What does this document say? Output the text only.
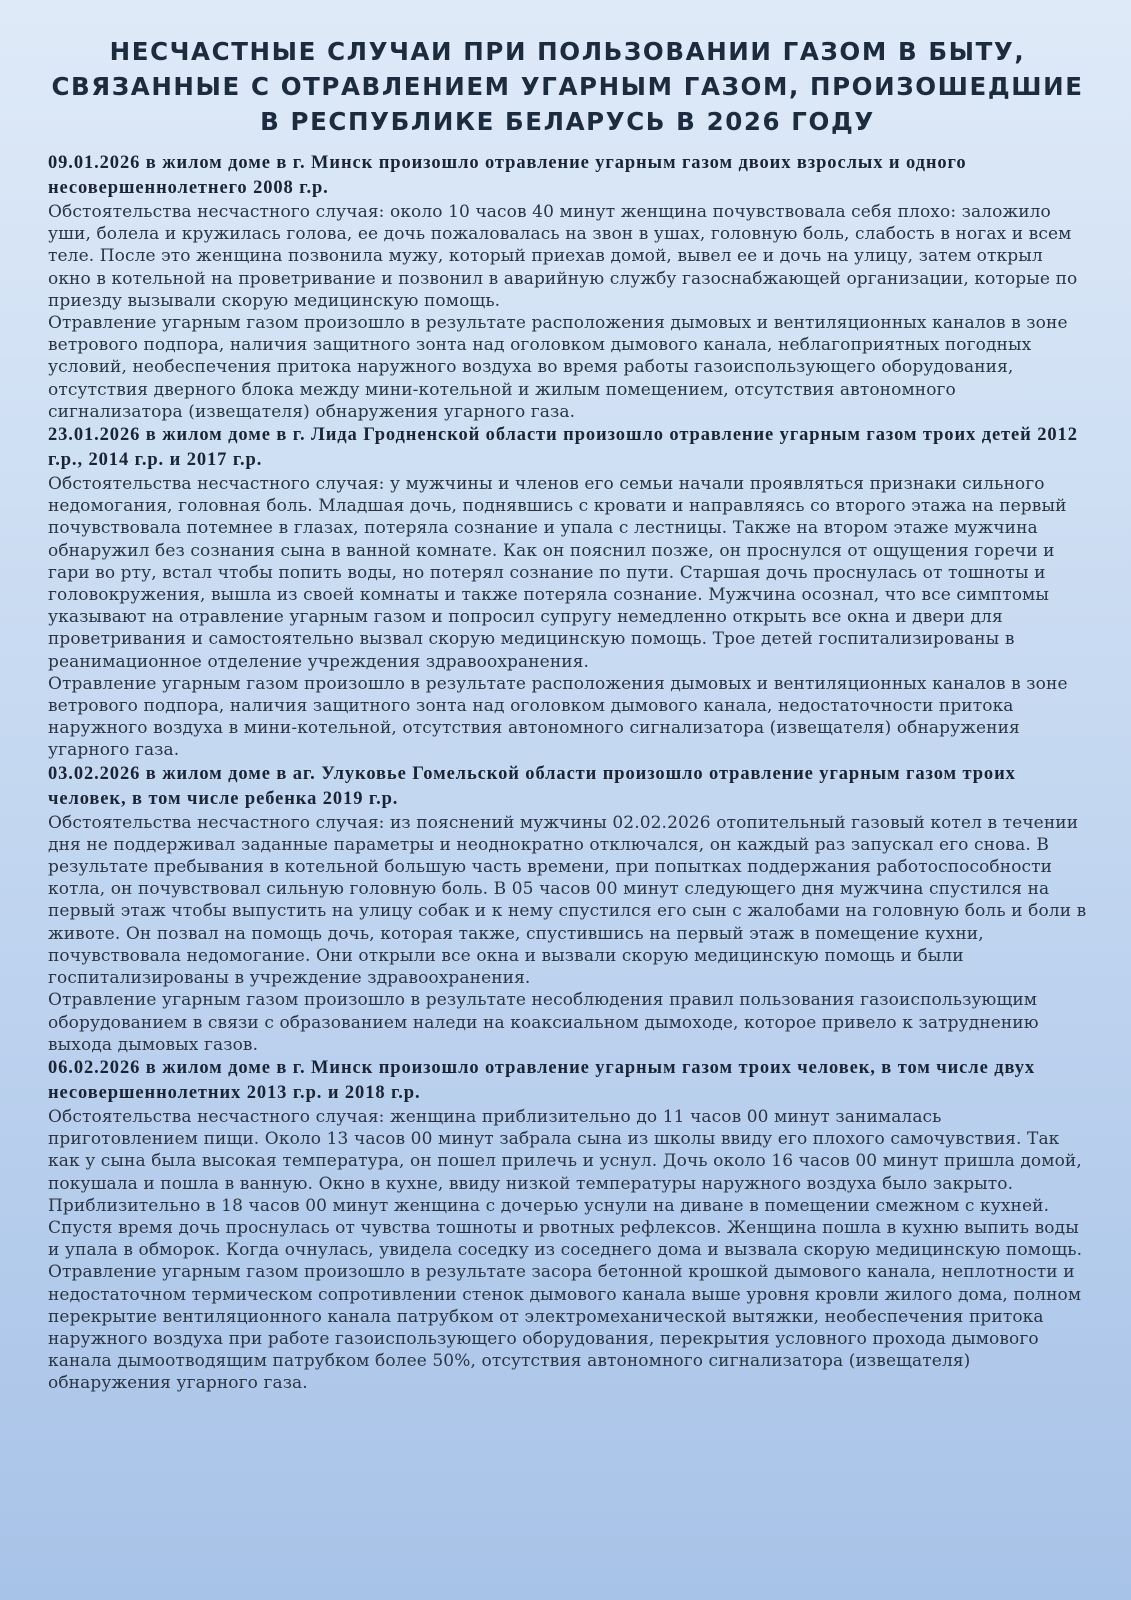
НЕСЧАСТНЫЕ СЛУЧАИ ПРИ ПОЛЬЗОВАНИИ ГАЗОМ В БЫТУ,
СВЯЗАННЫЕ С ОТРАВЛЕНИЕМ УГАРНЫМ ГАЗОМ, ПРОИЗОШЕДШИЕ
В РЕСПУБЛИКЕ БЕЛАРУСЬ В 2026 ГОДУ
09.01.2026 в жилом доме в г. Минск произошло отравление угарным газом двоих взрослых и одного несовершеннолетнего 2008 г.р.
Обстоятельства несчастного случая: около 10 часов 40 минут женщина почувствовала себя плохо: заложило уши, болела и кружилась голова, ее дочь пожаловалась на звон в ушах, головную боль, слабость в ногах и всем теле. После это женщина позвонила мужу, который приехав домой, вывел ее и дочь на улицу, затем открыл окно в котельной на проветривание и позвонил в аварийную службу газоснабжающей организации, которые по приезду вызывали скорую медицинскую помощь.
Отравление угарным газом произошло в результате расположения дымовых и вентиляционных каналов в зоне ветрового подпора, наличия защитного зонта над оголовком дымового канала, неблагоприятных погодных условий, необеспечения притока наружного воздуха во время работы газоиспользующего оборудования, отсутствия дверного блока между мини-котельной и жилым помещением, отсутствия автономного сигнализатора (извещателя) обнаружения угарного газа.
23.01.2026 в жилом доме в г. Лида Гродненской области произошло отравление угарным газом троих детей 2012 г.р., 2014 г.р. и 2017 г.р.
Обстоятельства несчастного случая: у мужчины и членов его семьи начали проявляться признаки сильного недомогания, головная боль. Младшая дочь, поднявшись с кровати и направляясь со второго этажа на первый почувствовала потемнее в глазах, потеряла сознание и упала с лестницы. Также на втором этаже мужчина обнаружил без сознания сына в ванной комнате. Как он пояснил позже, он проснулся от ощущения горечи и гари во рту, встал чтобы попить воды, но потерял сознание по пути. Старшая дочь проснулась от тошноты и головокружения, вышла из своей комнаты и также потеряла сознание. Мужчина осознал, что все симптомы указывают на отравление угарным газом и попросил супругу немедленно открыть все окна и двери для проветривания и самостоятельно вызвал скорую медицинскую помощь. Трое детей госпитализированы в реанимационное отделение учреждения здравоохранения.
Отравление угарным газом произошло в результате расположения дымовых и вентиляционных каналов в зоне ветрового подпора, наличия защитного зонта над оголовком дымового канала, недостаточности притока наружного воздуха в мини-котельной, отсутствия автономного сигнализатора (извещателя) обнаружения угарного газа.
03.02.2026 в жилом доме в аг. Улуковье Гомельской области произошло отравление угарным газом троих человек, в том числе ребенка 2019 г.р.
Обстоятельства несчастного случая: из пояснений мужчины 02.02.2026 отопительный газовый котел в течении дня не поддерживал заданные параметры и неоднократно отключался, он каждый раз запускал его снова. В результате пребывания в котельной большую часть времени, при попытках поддержания работоспособности котла, он почувствовал сильную головную боль. В 05 часов 00 минут следующего дня мужчина спустился на первый этаж чтобы выпустить на улицу собак и к нему спустился его сын с жалобами на головную боль и боли в животе. Он позвал на помощь дочь, которая также, спустившись на первый этаж в помещение кухни, почувствовала недомогание. Они открыли все окна и вызвали скорую медицинскую помощь и были госпитализированы в учреждение здравоохранения.
Отравление угарным газом произошло в результате несоблюдения правил пользования газоиспользующим оборудованием в связи с образованием наледи на коаксиальном дымоходе, которое привело к затруднению выхода дымовых газов.
06.02.2026 в жилом доме в г. Минск произошло отравление угарным газом троих человек, в том числе двух несовершеннолетних 2013 г.р. и 2018 г.р.
Обстоятельства несчастного случая: женщина приблизительно до 11 часов 00 минут занималась приготовлением пищи. Около 13 часов 00 минут забрала сына из школы ввиду его плохого самочувствия. Так как у сына была высокая температура, он пошел прилечь и уснул. Дочь около 16 часов 00 минут пришла домой, покушала и пошла в ванную. Окно в кухне, ввиду низкой температуры наружного воздуха было закрыто. Приблизительно в 18 часов 00 минут женщина с дочерью уснули на диване в помещении смежном с кухней. Спустя время дочь проснулась от чувства тошноты и рвотных рефлексов. Женщина пошла в кухню выпить воды и упала в обморок. Когда очнулась, увидела соседку из соседнего дома и вызвала скорую медицинскую помощь.
Отравление угарным газом произошло в результате засора бетонной крошкой дымового канала, неплотности и недостаточном термическом сопротивлении стенок дымового канала выше уровня кровли жилого дома, полном перекрытие вентиляционного канала патрубком от электромеханической вытяжки, необеспечения притока наружного воздуха при работе газоиспользующего оборудования, перекрытия условного прохода дымового канала дымоотводящим патрубком более 50%, отсутствия автономного сигнализатора (извещателя) обнаружения угарного газа.
